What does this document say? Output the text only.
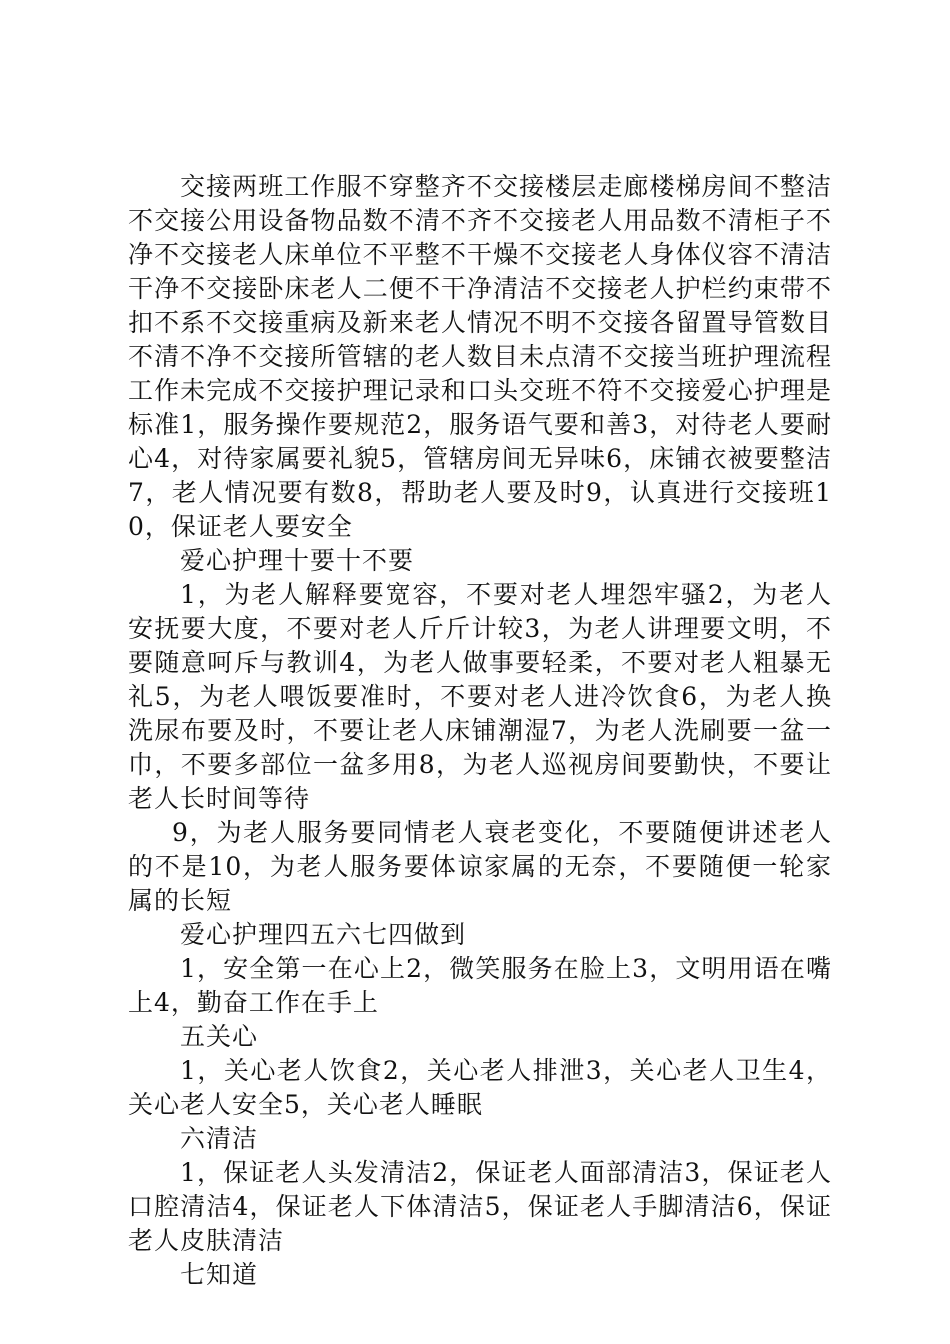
交接两班工作服不穿整齐不交接楼层走廊楼梯房间不整洁不交接公用设备物品数不清不齐不交接老人用品数不清柜子不净不交接老人床单位不平整不干燥不交接老人身体仪容不清洁干净不交接卧床老人二便不干净清洁不交接老人护栏约束带不扣不系不交接重病及新来老人情况不明不交接各留置导管数目不清不净不交接所管辖的老人数目未点清不交接当班护理流程工作未完成不交接护理记录和口头交班不符不交接爱心护理是标准1，服务操作要规范2，服务语气要和善3，对待老人要耐心4，对待家属要礼貌5，管辖房间无异味6，床铺衣被要整洁7，老人情况要有数8，帮助老人要及时9，认真进行交接班10，保证老人要安全

爱心护理十要十不要

1，为老人解释要宽容，不要对老人埋怨牢骚2，为老人安抚要大度，不要对老人斤斤计较3，为老人讲理要文明，不要随意呵斥与教训4，为老人做事要轻柔，不要对老人粗暴无礼5，为老人喂饭要准时，不要对老人进冷饮食6，为老人换洗尿布要及时，不要让老人床铺潮湿7，为老人洗刷要一盆一巾，不要多部位一盆多用8，为老人巡视房间要勤快，不要让老人长时间等待

9，为老人服务要同情老人衰老变化，不要随便讲述老人的不是10，为老人服务要体谅家属的无奈，不要随便一轮家属的长短

爱心护理四五六七四做到

1，安全第一在心上2，微笑服务在脸上3，文明用语在嘴上4，勤奋工作在手上

五关心

1，关心老人饮食2，关心老人排泄3，关心老人卫生4，关心老人安全5，关心老人睡眠

六清洁

1，保证老人头发清洁2，保证老人面部清洁3，保证老人口腔清洁4，保证老人下体清洁5，保证老人手脚清洁6，保证老人皮肤清洁

七知道
